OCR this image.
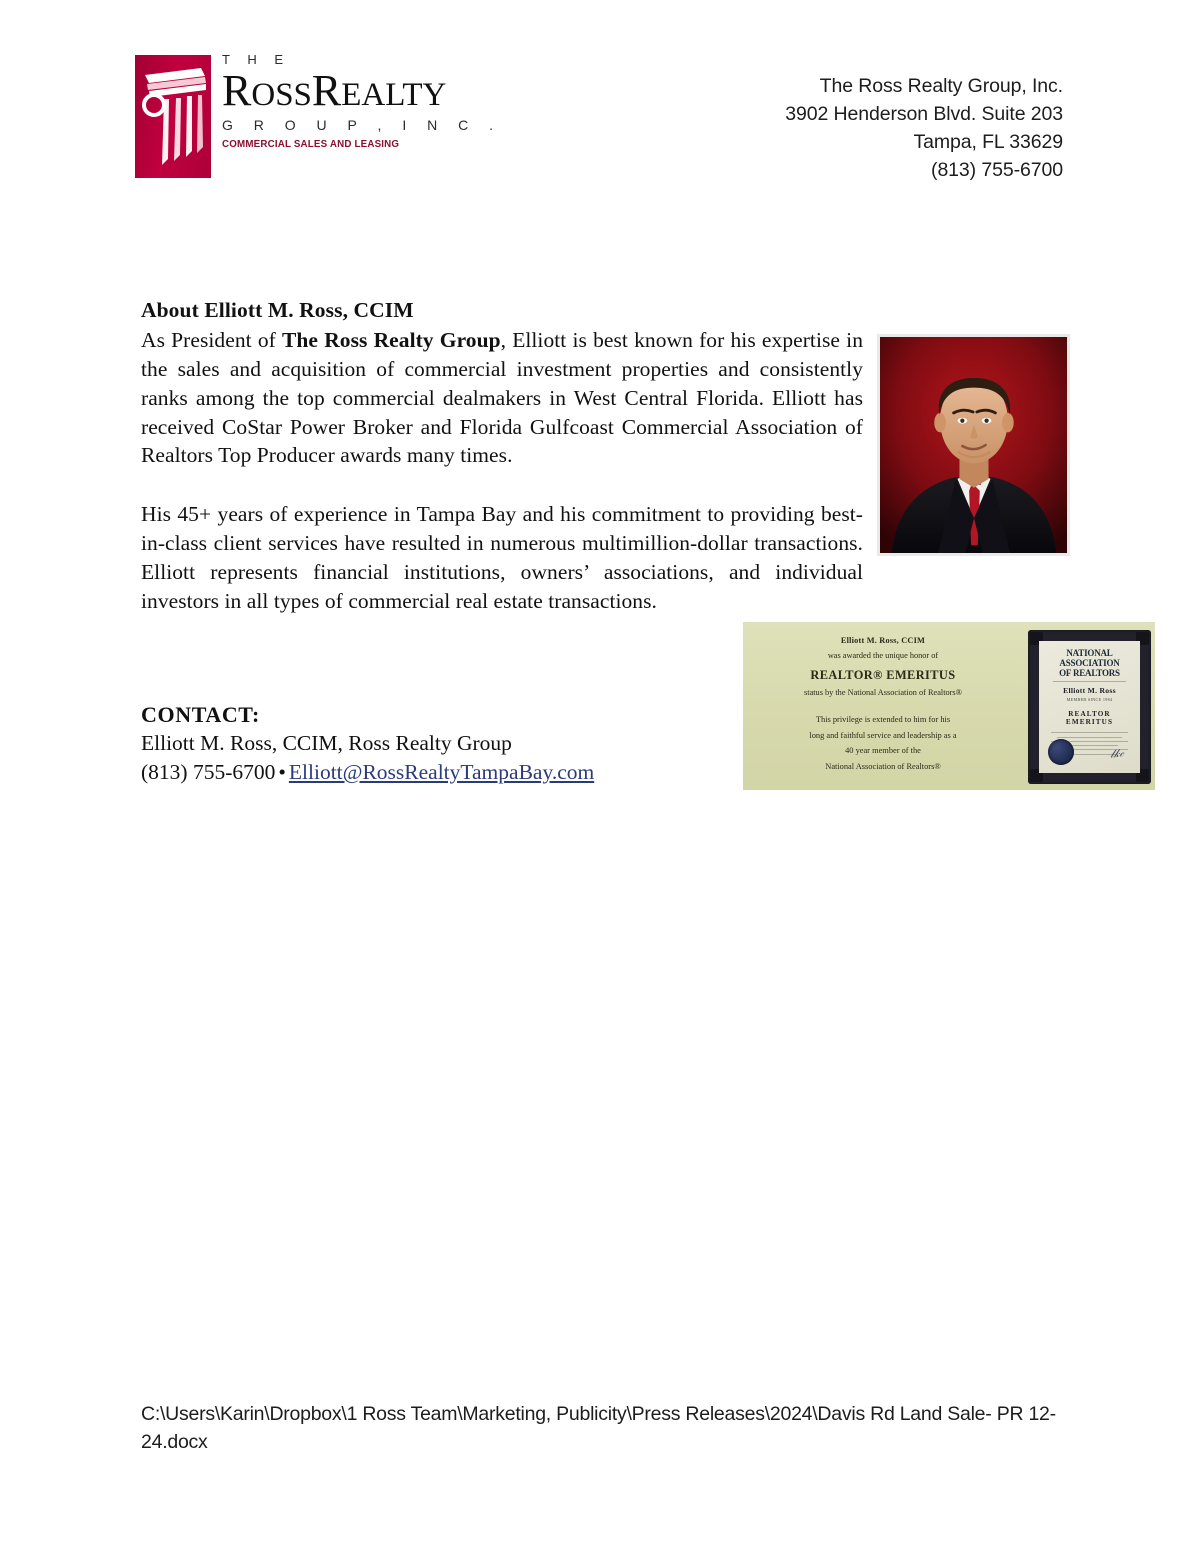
T H E
ROSSREALTY
G R O U P , I N C .
COMMERCIAL SALES AND LEASING
The Ross Realty Group, Inc.
3902 Henderson Blvd. Suite 203
Tampa, FL 33629
(813) 755-6700
About Elliott M. Ross, CCIM

As President of The Ross Realty Group, Elliott is best known for his expertise in the sales and acquisition of commercial investment properties and consistently ranks among the top commercial dealmakers in West Central Florida. Elliott has received CoStar Power Broker and Florida Gulfcoast Commercial Association of Realtors Top Producer awards many times.

His 45+ years of experience in Tampa Bay and his commitment to providing best-in-class client services have resulted in numerous multimillion-dollar transactions. Elliott represents financial institutions, owners’ associations, and individual investors in all types of commercial real estate transactions.

Elliott M. Ross, CCIM
was awarded the unique honor of
REALTOR® EMERITUS
status by the National Association of Realtors®
This privilege is extended to him for his
long and faithful service and leadership as a
40 year member of the
National Association of Realtors®
NATIONAL
ASSOCIATION
OF REALTORS
Elliott M. Ross
MEMBER SINCE 1984
REALTOR EMERITUS
𝓁𝓀𝒸

CONTACT:

Elliott M. Ross, CCIM, Ross Realty Group

(813) 755-6700 • Elliott@RossRealtyTampaBay.com

C:\Users\Karin\Dropbox\1 Ross Team\Marketing, Publicity\Press Releases\2024\Davis Rd Land Sale- PR 12-24.docx
